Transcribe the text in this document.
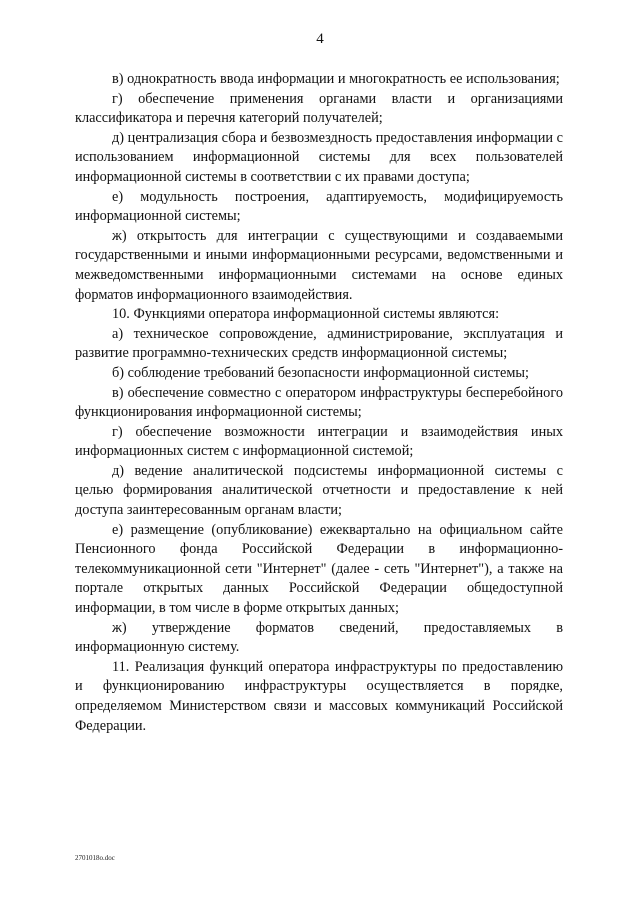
4

в) однократность ввода информации и многократность ее использования;

г) обеспечение применения органами власти и организациями классификатора и перечня категорий получателей;

д) централизация сбора и безвозмездность предоставления информации с использованием информационной системы для всех пользователей информационной системы в соответствии с их правами доступа;

е) модульность построения, адаптируемость, модифицируемость информационной системы;

ж) открытость для интеграции с существующими и создаваемыми государственными и иными информационными ресурсами, ведомственными и межведомственными информационными системами на основе единых форматов информационного взаимодействия.

10. Функциями оператора информационной системы являются:

а) техническое сопровождение, администрирование, эксплуатация и развитие программно-технических средств информационной системы;

б) соблюдение требований безопасности информационной системы;

в) обеспечение совместно с оператором инфраструктуры бесперебойного функционирования информационной системы;

г) обеспечение возможности интеграции и взаимодействия иных информационных систем с информационной системой;

д) ведение аналитической подсистемы информационной системы с целью формирования аналитической отчетности и предоставление к ней доступа заинтересованным органам власти;

е) размещение (опубликование) ежеквартально на официальном сайте Пенсионного фонда Российской Федерации в информационно-телекоммуникационной сети "Интернет" (далее - сеть "Интернет"), а также на портале открытых данных Российской Федерации общедоступной информации, в том числе в форме открытых данных;

ж) утверждение форматов сведений, предоставляемых в информационную систему.

11. Реализация функций оператора инфраструктуры по предоставлению и функционированию инфраструктуры осуществляется в порядке, определяемом Министерством связи и массовых коммуникаций Российской Федерации.

2701018о.doc
